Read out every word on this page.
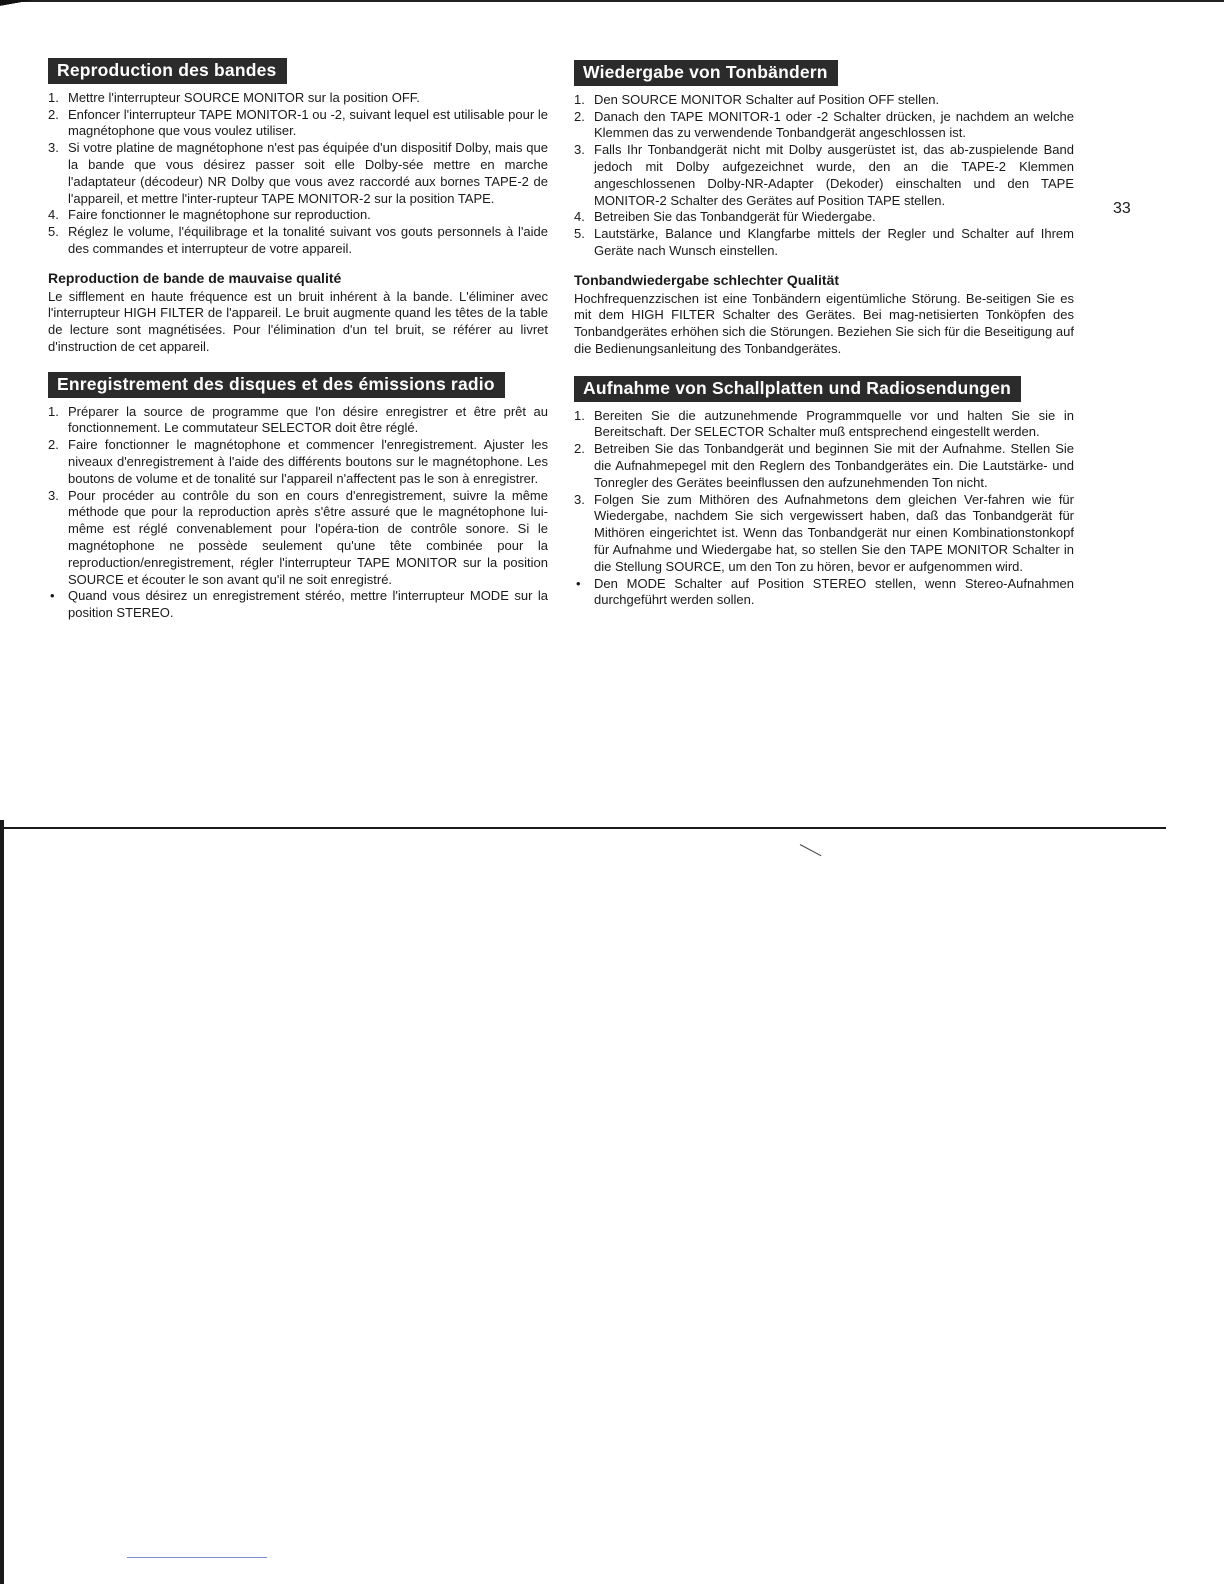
Reproduction des bandes
1. Mettre l'interrupteur SOURCE MONITOR sur la position OFF.
2. Enfoncer l'interrupteur TAPE MONITOR-1 ou -2, suivant lequel est utilisable pour le magnétophone que vous voulez utiliser.
3. Si votre platine de magnétophone n'est pas équipée d'un dispositif Dolby, mais que la bande que vous désirez passer soit elle Dolby-sée mettre en marche l'adaptateur (décodeur) NR Dolby que vous avez raccordé aux bornes TAPE-2 de l'appareil, et mettre l'inter-rupteur TAPE MONITOR-2 sur la position TAPE.
4. Faire fonctionner le magnétophone sur reproduction.
5. Réglez le volume, l'équilibrage et la tonalité suivant vos gouts personnels à l'aide des commandes et interrupteur de votre appareil.
Reproduction de bande de mauvaise qualité

Le sifflement en haute fréquence est un bruit inhérent à la bande. L'éliminer avec l'interrupteur HIGH FILTER de l'appareil. Le bruit augmente quand les têtes de la table de lecture sont magnétisées. Pour l'élimination d'un tel bruit, se référer au livret d'instruction de cet appareil.

Enregistrement des disques et des émissions radio
1. Préparer la source de programme que l'on désire enregistrer et être prêt au fonctionnement. Le commutateur SELECTOR doit être réglé.
2. Faire fonctionner le magnétophone et commencer l'enregistrement. Ajuster les niveaux d'enregistrement à l'aide des différents boutons sur le magnétophone. Les boutons de volume et de tonalité sur l'appareil n'affectent pas le son à enregistrer.
3. Pour procéder au contrôle du son en cours d'enregistrement, suivre la même méthode que pour la reproduction après s'être assuré que le magnétophone lui-même est réglé convenablement pour l'opéra-tion de contrôle sonore. Si le magnétophone ne possède seulement qu'une tête combinée pour la reproduction/enregistrement, régler l'interrupteur TAPE MONITOR sur la position SOURCE et écouter le son avant qu'il ne soit enregistré.
• Quand vous désirez un enregistrement stéréo, mettre l'interrupteur MODE sur la position STEREO.
Wiedergabe von Tonbändern
1. Den SOURCE MONITOR Schalter auf Position OFF stellen.
2. Danach den TAPE MONITOR-1 oder -2 Schalter drücken, je nachdem an welche Klemmen das zu verwendende Tonbandgerät angeschlossen ist.
3. Falls Ihr Tonbandgerät nicht mit Dolby ausgerüstet ist, das ab-zuspielende Band jedoch mit Dolby aufgezeichnet wurde, den an die TAPE-2 Klemmen angeschlossenen Dolby-NR-Adapter (Dekoder) einschalten und den TAPE MONITOR-2 Schalter des Gerätes auf Position TAPE stellen.
4. Betreiben Sie das Tonbandgerät für Wiedergabe.
5. Lautstärke, Balance und Klangfarbe mittels der Regler und Schalter auf Ihrem Geräte nach Wunsch einstellen.
Tonbandwiedergabe schlechter Qualität

Hochfrequenzzischen ist eine Tonbändern eigentümliche Störung. Be-seitigen Sie es mit dem HIGH FILTER Schalter des Gerätes. Bei mag-netisierten Tonköpfen des Tonbandgerätes erhöhen sich die Störungen. Beziehen Sie sich für die Beseitigung auf die Bedienungsanleitung des Tonbandgerätes.

Aufnahme von Schallplatten und Radiosendungen
1. Bereiten Sie die autzunehmende Programmquelle vor und halten Sie sie in Bereitschaft. Der SELECTOR Schalter muß entsprechend eingestellt werden.
2. Betreiben Sie das Tonbandgerät und beginnen Sie mit der Aufnahme. Stellen Sie die Aufnahmepegel mit den Reglern des Tonbandgerätes ein. Die Lautstärke- und Tonregler des Gerätes beeinflussen den aufzunehmenden Ton nicht.
3. Folgen Sie zum Mithören des Aufnahmetons dem gleichen Ver-fahren wie für Wiedergabe, nachdem Sie sich vergewissert haben, daß das Tonbandgerät für Mithören eingerichtet ist. Wenn das Tonbandgerät nur einen Kombinationstonkopf für Aufnahme und Wiedergabe hat, so stellen Sie den TAPE MONITOR Schalter in die Stellung SOURCE, um den Ton zu hören, bevor er aufgenommen wird.
• Den MODE Schalter auf Position STEREO stellen, wenn Stereo-Aufnahmen durchgeführt werden sollen.
33
